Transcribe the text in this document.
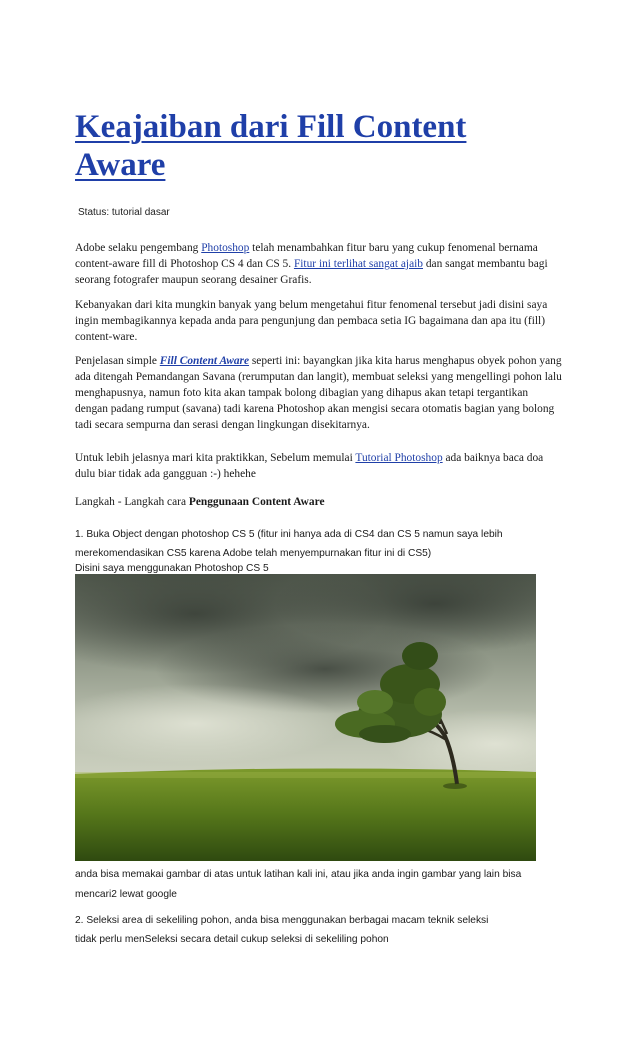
Keajaiban dari Fill Content Aware
Status: tutorial dasar

Adobe selaku pengembang Photoshop telah menambahkan fitur baru yang cukup fenomenal bernama content-aware fill di Photoshop CS 4 dan CS 5. Fitur ini terlihat sangat ajaib dan sangat membantu bagi seorang fotografer maupun seorang desainer Grafis.

Kebanyakan dari kita mungkin banyak yang belum mengetahui fitur fenomenal tersebut jadi disini saya ingin membagikannya kepada anda para pengunjung dan pembaca setia IG bagaimana dan apa itu (fill) content-ware.

Penjelasan simple Fill Content Aware seperti ini: bayangkan jika kita harus menghapus obyek pohon yang ada ditengah Pemandangan Savana (rerumputan dan langit), membuat seleksi yang mengellingi pohon lalu menghapusnya, namun foto kita akan tampak bolong dibagian yang dihapus akan tetapi tergantikan dengan padang rumput (savana) tadi karena Photoshop akan mengisi secara otomatis bagian yang bolong tadi secara sempurna dan serasi dengan lingkungan disekitarnya.

Untuk lebih jelasnya mari kita praktikkan, Sebelum memulai Tutorial Photoshop ada baiknya baca doa dulu biar tidak ada gangguan :-) hehehe

Langkah - Langkah cara Penggunaan Content Aware

1. Buka Object dengan photoshop CS 5 (fitur ini hanya ada di CS4 dan CS 5 namun saya lebih
merekomendasikan CS5 karena Adobe telah menyempurnakan fitur ini di CS5)
Disini saya menggunakan Photoshop CS 5
anda bisa memakai gambar di atas untuk latihan kali ini, atau jika anda ingin gambar yang lain bisa
mencari2 lewat google
2. Seleksi area di sekeliling pohon, anda bisa menggunakan berbagai macam teknik seleksi
tidak perlu menSeleksi secara detail cukup seleksi di sekeliling pohon
